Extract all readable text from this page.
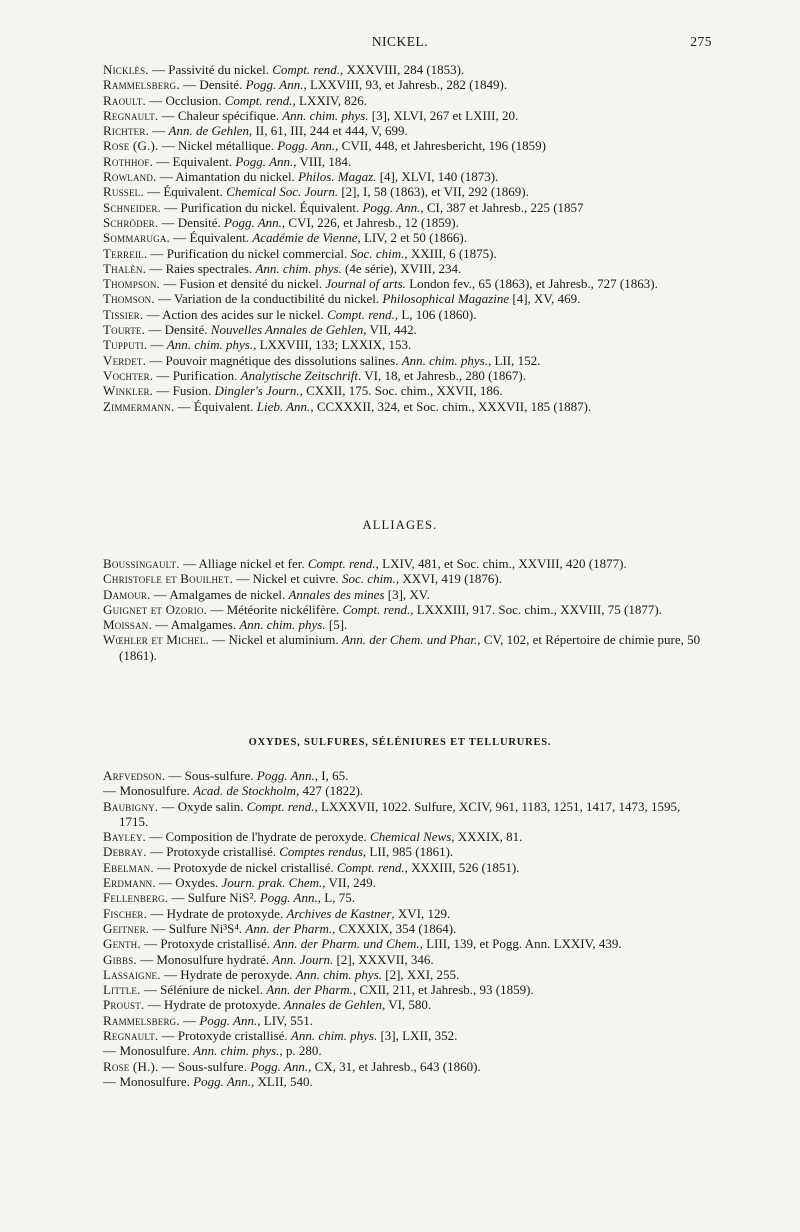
NICKEL.	275

Nicklès. — Passivité du nickel. Compt. rend., XXXVIII, 284 (1853).

Rammelsberg. — Densité. Pogg. Ann., LXXVIII, 93, et Jahresb., 282 (1849).

Raoult. — Occlusion. Compt. rend., LXXIV, 826.

Regnault. — Chaleur spécifique. Ann. chim. phys. [3], XLVI, 267 et LXIII, 20.

Richter. — Ann. de Gehlen, II, 61, III, 244 et 444, V, 699.

Rose (G.). — Nickel métallique. Pogg. Ann., CVII, 448, et Jahresbericht, 196 (1859)

Rothhof. — Equivalent. Pogg. Ann., VIII, 184.

Rowland. — Aimantation du nickel. Philos. Magaz. [4], XLVI, 140 (1873).

Russel. — Équivalent. Chemical Soc. Journ. [2], I, 58 (1863), et VII, 292 (1869).

Schneider. — Purification du nickel. Équivalent. Pogg. Ann., CI, 387 et Jahresb., 225 (1857

Schröder. — Densité. Pogg. Ann., CVI, 226, et Jahresb., 12 (1859).

Sommaruga. — Équivalent. Académie de Vienne, LIV, 2 et 50 (1866).

Terreil. — Purification du nickel commercial. Soc. chim., XXIII, 6 (1875).

Thalèn. — Raies spectrales. Ann. chim. phys. (4e série), XVIII, 234.

Thompson. — Fusion et densité du nickel. Journal of arts. London fev., 65 (1863), et Jahresb., 727 (1863).

Thomson. — Variation de la conductibilité du nickel. Philosophical Magazine [4], XV, 469.

Tissier. — Action des acides sur le nickel. Compt. rend., L, 106 (1860).

Tourte. — Densité. Nouvelles Annales de Gehlen, VII, 442.

Tupputi. — Ann. chim. phys., LXXVIII, 133; LXXIX, 153.

Verdet. — Pouvoir magnétique des dissolutions salines. Ann. chim. phys., LII, 152.

Vochter. — Purification. Analytische Zeitschrift. VI, 18, et Jahresb., 280 (1867).

Winkler. — Fusion. Dingler's Journ., CXXII, 175. Soc. chim., XXVII, 186.

Zimmermann. — Équivalent. Lieb. Ann., CCXXXII, 324, et Soc. chim., XXXVII, 185 (1887).

ALLIAGES.

Boussingault. — Alliage nickel et fer. Compt. rend., LXIV, 481, et Soc. chim., XXVIII, 420 (1877).

Christofle et Bouilhet. — Nickel et cuivre. Soc. chim., XXVI, 419 (1876).

Damour. — Amalgames de nickel. Annales des mines [3], XV.

Guignet et Ozorio. — Météorite nickélifère. Compt. rend., LXXXIII, 917. Soc. chim., XXVIII, 75 (1877).

Moissan. — Amalgames. Ann. chim. phys. [5].

Wœhler et Michel. — Nickel et aluminium. Ann. der Chem. und Phar., CV, 102, et Répertoire de chimie pure, 50 (1861).

OXYDES, SULFURES, SÉLÉNIURES ET TELLURURES.

Arfvedson. — Sous-sulfure. Pogg. Ann., I, 65.

— Monosulfure. Acad. de Stockholm, 427 (1822).

Baubigny. — Oxyde salin. Compt. rend., LXXXVII, 1022. Sulfure, XCIV, 961, 1183, 1251, 1417, 1473, 1595, 1715.

Bayley. — Composition de l'hydrate de peroxyde. Chemical News, XXXIX, 81.

Debray. — Protoxyde cristallisé. Comptes rendus, LII, 985 (1861).

Ebelman. — Protoxyde de nickel cristallisé. Compt. rend., XXXIII, 526 (1851).

Erdmann. — Oxydes. Journ. prak. Chem., VII, 249.

Fellenberg. — Sulfure NiS². Pogg. Ann., L, 75.

Fischer. — Hydrate de protoxyde. Archives de Kastner, XVI, 129.

Geitner. — Sulfure Ni³S⁴. Ann. der Pharm., CXXXIX, 354 (1864).

Genth. — Protoxyde cristallisé. Ann. der Pharm. und Chem., LIII, 139, et Pogg. Ann. LXXIV, 439.

Gibbs. — Monosulfure hydraté. Ann. Journ. [2], XXXVII, 346.

Lassaigne. — Hydrate de peroxyde. Ann. chim. phys. [2], XXI, 255.

Little. — Séléniure de nickel. Ann. der Pharm., CXII, 211, et Jahresb., 93 (1859).

Proust. — Hydrate de protoxyde. Annales de Gehlen, VI, 580.

Rammelsberg. — Pogg. Ann., LIV, 551.

Regnault. — Protoxyde cristallisé. Ann. chim. phys. [3], LXII, 352.

— Monosulfure. Ann. chim. phys., p. 280.

Rose (H.). — Sous-sulfure. Pogg. Ann., CX, 31, et Jahresb., 643 (1860).

— Monosulfure. Pogg. Ann., XLII, 540.
